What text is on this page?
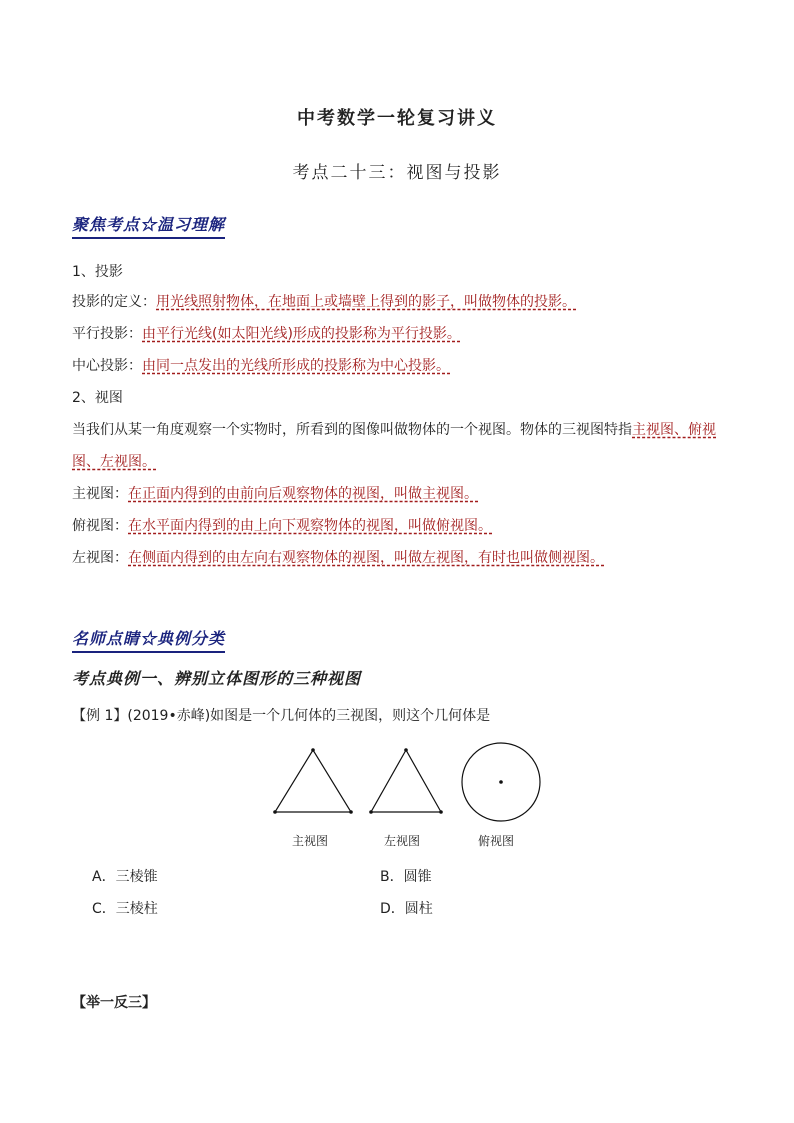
中考数学一轮复习讲义
考点二十三：视图与投影
聚焦考点☆温习理解
1、投影
投影的定义：用光线照射物体，在地面上或墙壁上得到的影子，叫做物体的投影。
平行投影：由平行光线(如太阳光线)形成的投影称为平行投影。
中心投影：由同一点发出的光线所形成的投影称为中心投影。
2、视图
当我们从某一角度观察一个实物时，所看到的图像叫做物体的一个视图。物体的三视图特指主视图、俯视
图、左视图。
主视图：在正面内得到的由前向后观察物体的视图，叫做主视图。
俯视图：在水平面内得到的由上向下观察物体的视图，叫做俯视图。
左视图：在侧面内得到的由左向右观察物体的视图，叫做左视图，有时也叫做侧视图。
名师点睛☆典例分类
考点典例一、辨别立体图形的三种视图
【例 1】(2019•赤峰)如图是一个几何体的三视图，则这个几何体是
主视图	左视图	俯视图
A．三棱锥	B．圆锥
C．三棱柱	D．圆柱
【举一反三】
